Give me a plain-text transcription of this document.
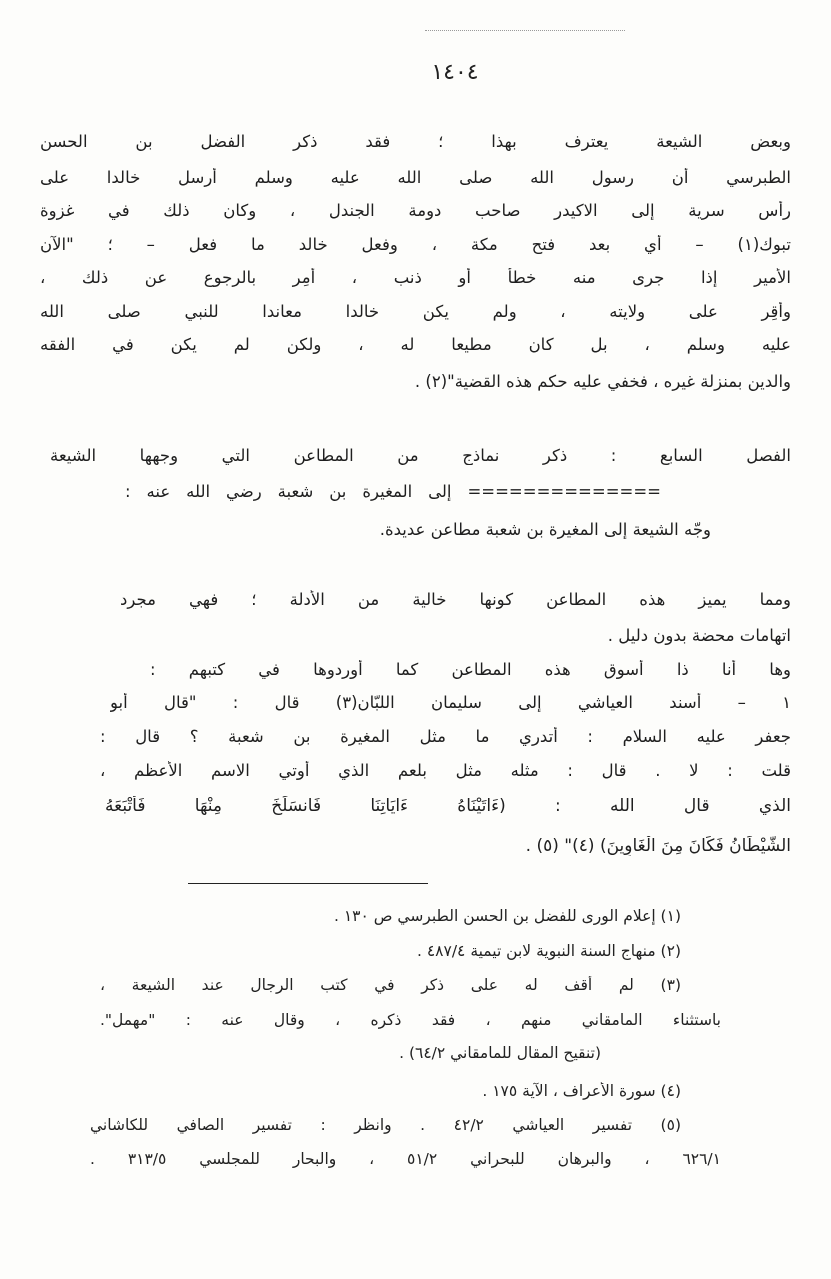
١٤٠٤
وبعض الشيعة يعترف بهذا ؛ فقد ذكر الفضل بن الحسن
الطبرسي أن رسول الله صلى الله عليه وسلم أرسل خالدا على
رأس سرية إلى الاكيدر صاحب دومة الجندل ، وكان ذلك في غزوة
تبوك(١) – أي بعد فتح مكة ، وفعل خالد ما فعل – ؛ "الآن
الأمير إذا جرى منه خطأ أو ذنب ، أُمِر بالرجوع عن ذلك ،
وأُقِر على ولايته ، ولم يكن خالدا معاندا للنبي صلى الله
عليه وسلم ، بل كان مطيعا له ، ولكن لم يكن في الفقه
والدين بمنزلة غيره ، فخفي عليه حكم هذه القضية"(٢) .
الفصل السابع : ذكر نماذج من المطاعن التي وجهها الشيعة
============== إلى المغيرة بن شعبة رضي الله عنه :
وجّه الشيعة إلى المغيرة بن شعبة مطاعن عديدة.
ومما يميز هذه المطاعن كونها خالية من الأدلة ؛ فهي مجرد
اتهامات محضة بدون دليل .
وها أنا ذا أسوق هذه المطاعن كما أوردوها في كتبهم :
١ – أسند العياشي إلى سليمان اللبّان(٣) قال : "قال أبو
جعفر عليه السلام : أتدري ما مثل المغيرة بن شعبة ؟ قال :
قلت : لا . قال : مثله مثل بلعم الذي أوتي الاسم الأعظم ،
الذي قال الله : (ءَاتَيْنَاهُ ءَايَاتِنَا فَانسَلَخَ مِنْهَا فَأَتْبَعَهُ
الشَّيْطَانُ فَكَانَ مِنَ الْغَاوِينَ) (٤)" (٥) .
(١) إعلام الورى للفضل بن الحسن الطبرسي ص ١٣٠ .
(٢) منهاج السنة النبوية لابن تيمية ٤٨٧/٤ .
(٣) لم أقف له على ذكر في كتب الرجال عند الشيعة ،
باستثناء المامقاني منهم ، فقد ذكره ، وقال عنه : "مهمل".
(تنقيح المقال للمامقاني ٦٤/٢) .
(٤) سورة الأعراف ، الآية ١٧٥ .
(٥) تفسير العياشي ٤٢/٢ . وانظر : تفسير الصافي للكاشاني
٦٢٦/١ ، والبرهان للبحراني ٥١/٢ ، والبحار للمجلسي ٣١٣/٥ .
